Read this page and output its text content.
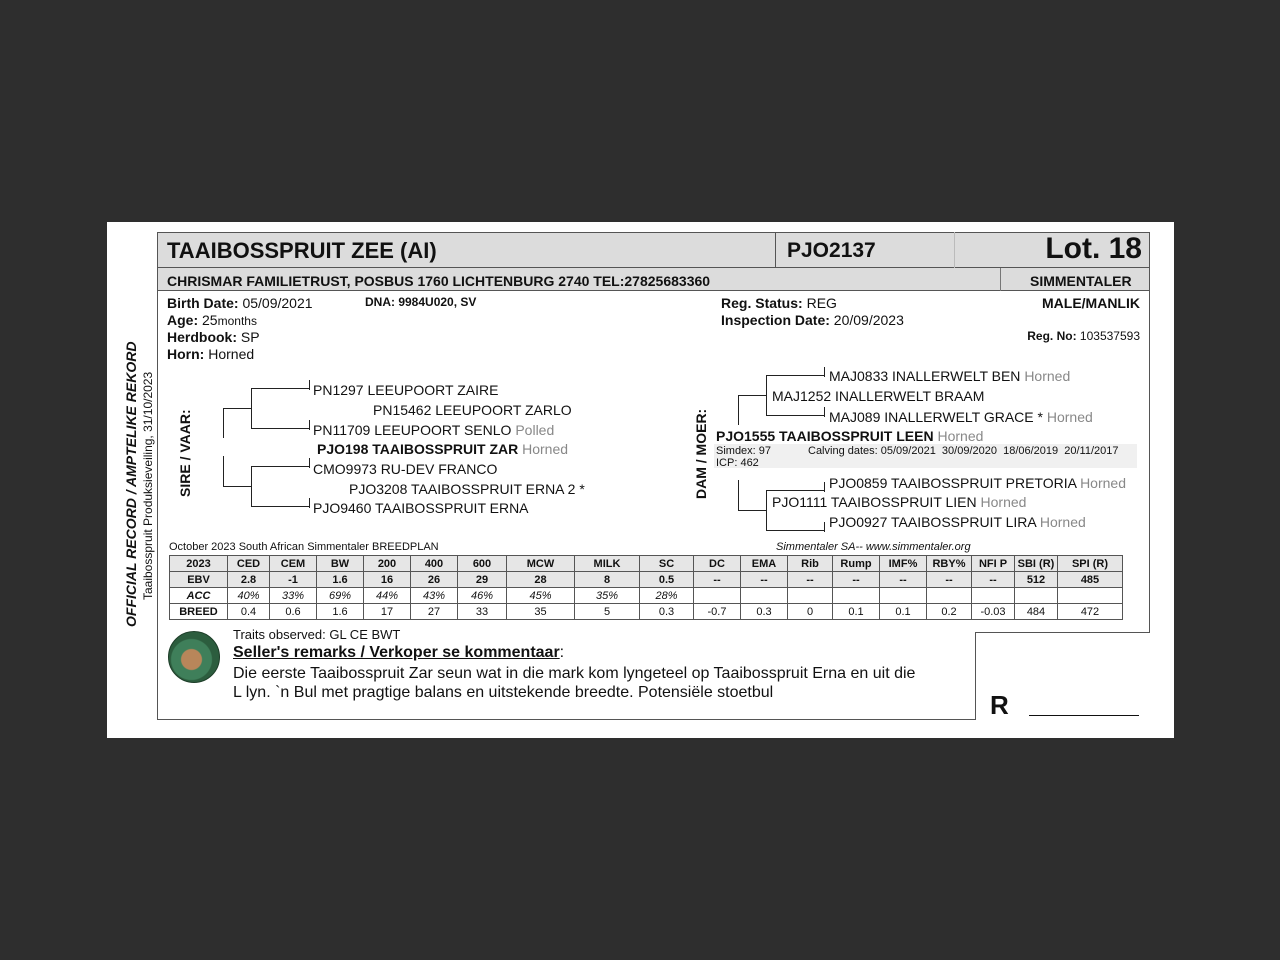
OFFICIAL RECORD / AMPTELIKE REKORD Taaibosspruit Produksieveiling, 31/10/2023
TAAIBOSSPRUIT ZEE (AI)	PJO2137	Lot. 18
CHRISMAR FAMILIETRUST, POSBUS 1760 LICHTENBURG 2740 TEL:27825683360	SIMMENTALER
Birth Date: 05/09/2021	DNA: 9984U020, SV
Age: 25months
Herdbook: SP
Horn: Horned
Reg. Status: REG
Inspection Date: 20/09/2023
MALE/MANLIK
Reg. No: 103537593
SIRE / VAAR:
PN1297 LEEUPOORT ZAIRE
PN15462 LEEUPOORT ZARLO
PN11709 LEEUPOORT SENLO Polled
PJO198 TAAIBOSSPRUIT ZAR Horned
CMO9973 RU-DEV FRANCO
PJO3208 TAAIBOSSPRUIT ERNA 2 *
PJO9460 TAAIBOSSPRUIT ERNA
DAM / MOER:
MAJ0833 INALLERWELT BEN Horned
MAJ1252 INALLERWELT BRAAM
MAJ089 INALLERWELT GRACE * Horned
PJO1555 TAAIBOSSPRUIT LEEN Horned
Simdex: 97
ICP: 462
Calving dates: 05/09/2021  30/09/2020  18/06/2019  20/11/2017
PJO0859 TAAIBOSSPRUIT PRETORIA Horned
PJO1111 TAAIBOSSPRUIT LIEN Horned
PJO0927 TAAIBOSSPRUIT LIRA Horned
October 2023 South African Simmentaler BREEDPLAN	Simmentaler SA-- www.simmentaler.org
2023	CED	CEM	BW	200	400	600	MCW	MILK	SC	DC	EMA	Rib	Rump	IMF%	RBY%	NFI P	SBI (R)	SPI (R)
EBV	2.8	-1	1.6	16	26	29	28	8	0.5	--	--	--	--	--	--	--	512	485
ACC	40%	33%	69%	44%	43%	46%	45%	35%	28%									
BREED	0.4	0.6	1.6	17	27	33	35	5	0.3	-0.7	0.3	0	0.1	0.1	0.2	-0.03	484	472
Traits observed: GL CE BWT
Seller's remarks / Verkoper se kommentaar:
Die eerste Taaibosspruit Zar seun wat in die mark kom lyngeteel op Taaibosspruit Erna en uit die
L lyn. `n Bul met pragtige balans en uitstekende breedte. Potensiële stoetbul	R
